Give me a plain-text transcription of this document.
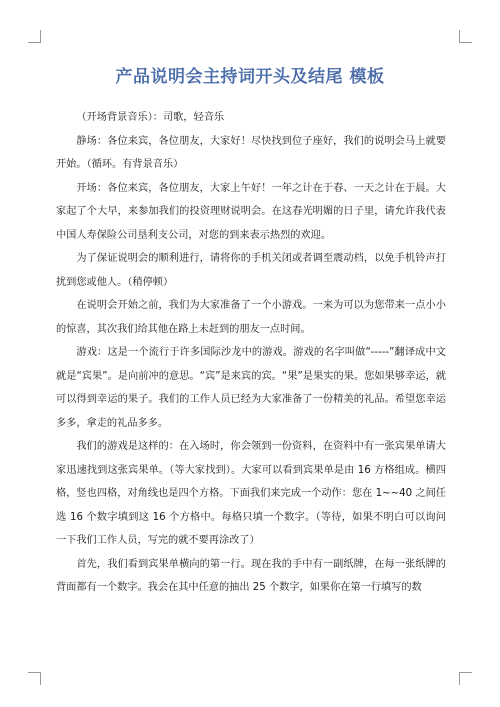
产品说明会主持词开头及结尾 模板

（开场背景音乐）：司歌，轻音乐

静场：各位来宾，各位朋友，大家好！尽快找到位子座好，我们的说明会马上就要开始。（循环。有背景音乐）

开场：各位来宾，各位朋友，大家上午好！一年之计在于春、一天之计在于晨。大家起了个大早，来参加我们的投资理财说明会。在这春光明媚的日子里，请允许我代表中国人寿保险公司垦利支公司，对您的到来表示热烈的欢迎。

为了保证说明会的顺利进行，请将你的手机关闭或者调至震动档，以免手机铃声打扰到您或他人。（稍停顿）

在说明会开始之前，我们为大家准备了一个小游戏。一来为可以为您带来一点小小的惊喜，其次我们给其他在路上未赶到的朋友一点时间。

游戏：这是一个流行于许多国际沙龙中的游戏。游戏的名字叫做“-----”翻译成中文就是“宾果”。是向前冲的意思。“宾”是来宾的宾。“果”是果实的果。您如果够幸运，就可以得到幸运的果子。我们的工作人员已经为大家准备了一份精美的礼品。希望您幸运多多，拿走的礼品多多。

我们的游戏是这样的：在入场时，你会领到一份资料，在资料中有一张宾果单请大家迅速找到这张宾果单。（等大家找到）。大家可以看到宾果单是由 16 方格组成。横四格，竖也四格，对角线也是四个方格。下面我们来完成一个动作：您在 1~~40 之间任选 16 个数字填到这 16 个方格中。每格只填一个数字。（等待，如果不明白可以询问一下我们工作人员，写完的就不要再涂改了）

首先，我们看到宾果单横向的第一行。现在我的手中有一副纸牌，在每一张纸牌的背面都有一个数字。我会在其中任意的抽出 25 个数字，如果你在第一行填写的数
